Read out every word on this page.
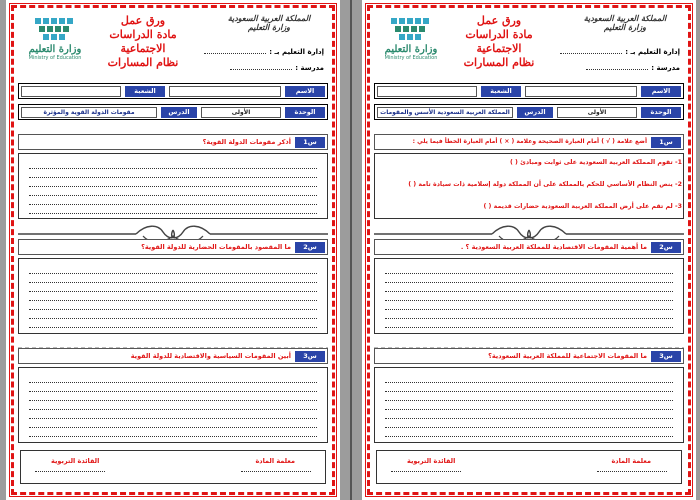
وزارة التعليم
Ministry of Education
ورق عمل
مادة الدراسات الاجتماعية
نظام المسارات
المملكة العربية السعودية
وزارة التعليم
إدارة التعليم بـ :
مدرسة :
الاسم
الشعبة
الوحدة
الأولى
الدرس
مقومات الدولة القوية والمؤثرة
س1
أذكر مقومات الدولة القوية؟
س2
ما المقصود بالمقومات الحضارية للدولة القوية؟
س3
أبين المقومات السياسية والاقتصادية للدولة القوية
معلمة المادة
القائدة التربوية
وزارة التعليم
Ministry of Education
ورق عمل
مادة الدراسات الاجتماعية
نظام المسارات
المملكة العربية السعودية
وزارة التعليم
إدارة التعليم بـ :
مدرسة :
الاسم
الشعبة
الوحدة
الأولى
الدرس
المملكة العربية السعودية الأسس والمقومات
س1
أضع علامة ( √ ) أمام العبارة الصحيحة وعلامة ( × ) أمام العبارة الخطأ فيما يلي :
1- تقوم المملكة العربية السعودية على ثوابت ومبادئ ( )
2- ينص النظام الأساسي للحكم بالمملكة على أن المملكة دولة إسلامية ذات سيادة تامة ( )
3- لم تقم على أرض المملكة العربية السعودية حضارات قديمة ( )
س2
ما أهمية المقومات الاقتصادية للمملكة العربية السعودية ؟ .
س3
ما المقومات الاجتماعية للمملكة العربية السعودية؟
معلمة المادة
القائدة التربوية
